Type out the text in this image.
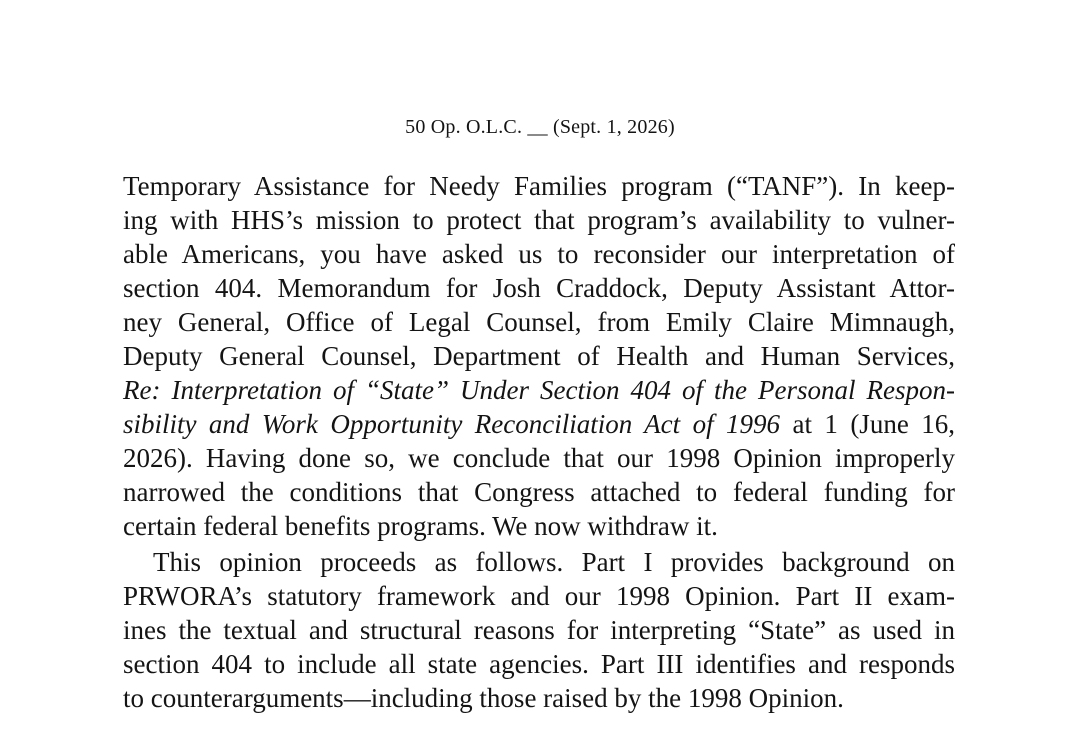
50 Op. O.L.C. __ (Sept. 1, 2026)
Temporary Assistance for Needy Families program (“TANF”). In keep-
ing with HHS’s mission to protect that program’s availability to vulner-
able Americans, you have asked us to reconsider our interpretation of
section 404. Memorandum for Josh Craddock, Deputy Assistant Attor-
ney General, Office of Legal Counsel, from Emily Claire Mimnaugh,
Deputy General Counsel, Department of Health and Human Services,
Re: Interpretation of “State” Under Section 404 of the Personal Respon-
sibility and Work Opportunity Reconciliation Act of 1996 at 1 (June 16,
2026). Having done so, we conclude that our 1998 Opinion improperly
narrowed the conditions that Congress attached to federal funding for
certain federal benefits programs. We now withdraw it.
This opinion proceeds as follows. Part I provides background on
PRWORA’s statutory framework and our 1998 Opinion. Part II exam-
ines the textual and structural reasons for interpreting “State” as used in
section 404 to include all state agencies. Part III identifies and responds
to counterarguments—including those raised by the 1998 Opinion.
